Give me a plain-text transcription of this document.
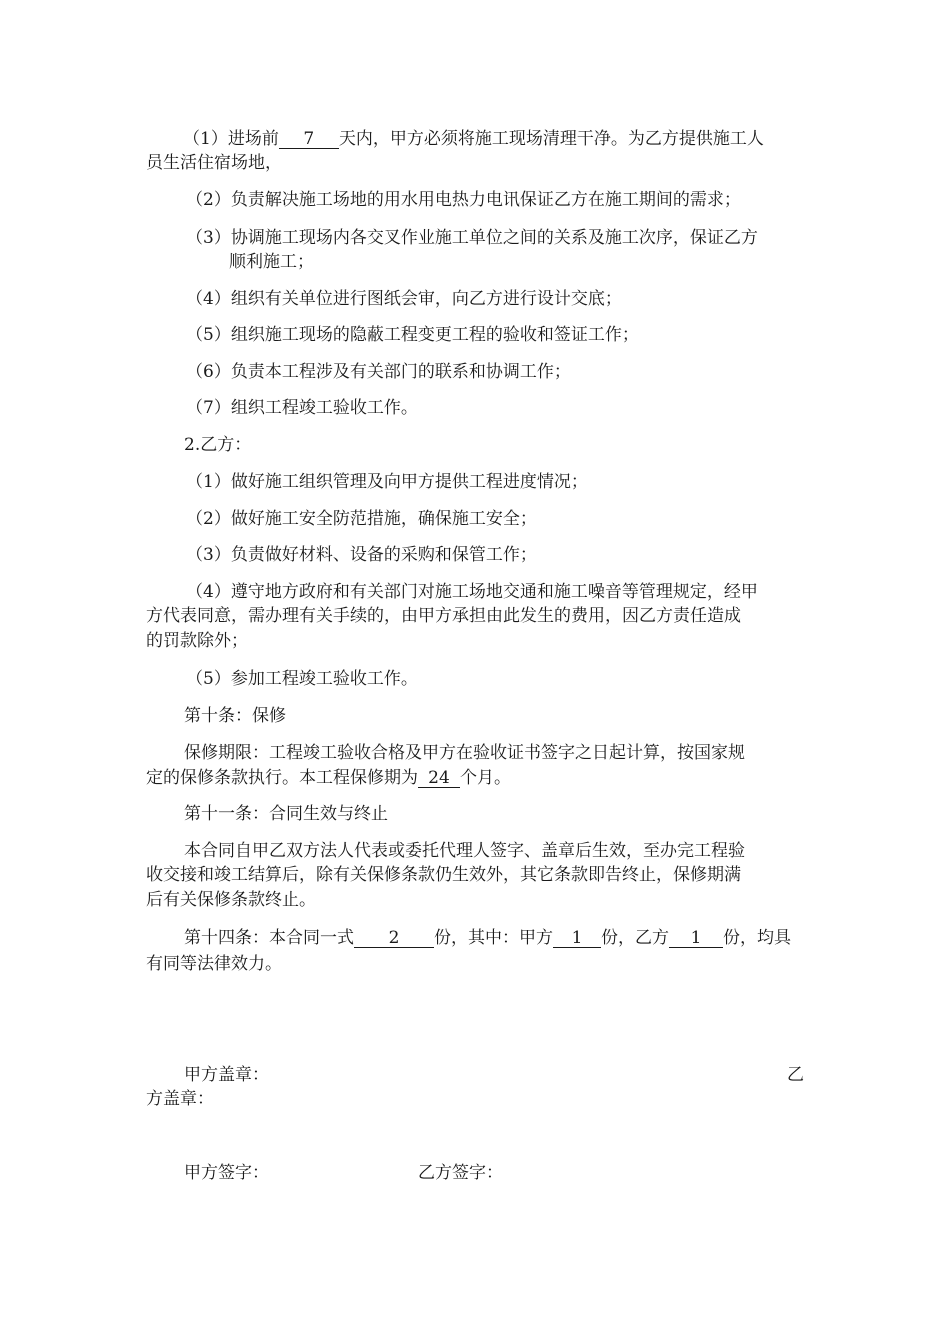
（1）进场前 7 天内，甲方必须将施工现场清理干净。为乙方提供施工人
员生活住宿场地，
（2）负责解决施工场地的用水用电热力电讯保证乙方在施工期间的需求；
（3）协调施工现场内各交叉作业施工单位之间的关系及施工次序，保证乙方
顺利施工；
（4）组织有关单位进行图纸会审，向乙方进行设计交底；
（5）组织施工现场的隐蔽工程变更工程的验收和签证工作；
（6）负责本工程涉及有关部门的联系和协调工作；
（7）组织工程竣工验收工作。
2.乙方：
（1）做好施工组织管理及向甲方提供工程进度情况；
（2）做好施工安全防范措施，确保施工安全；
（3）负责做好材料、设备的采购和保管工作；
（4）遵守地方政府和有关部门对施工场地交通和施工噪音等管理规定，经甲
方代表同意，需办理有关手续的，由甲方承担由此发生的费用，因乙方责任造成
的罚款除外；
（5）参加工程竣工验收工作。
第十条：保修
保修期限：工程竣工验收合格及甲方在验收证书签字之日起计算，按国家规
定的保修条款执行。本工程保修期为 24 个月。
第十一条：合同生效与终止
本合同自甲乙双方法人代表或委托代理人签字、盖章后生效，至办完工程验
收交接和竣工结算后，除有关保修条款仍生效外，其它条款即告终止，保修期满
后有关保修条款终止。
第十四条：本合同一式 2 份，其中：甲方 1 份，乙方 1 份，均具
有同等法律效力。
甲方盖章：	乙
方盖章：
甲方签字：	乙方签字：
